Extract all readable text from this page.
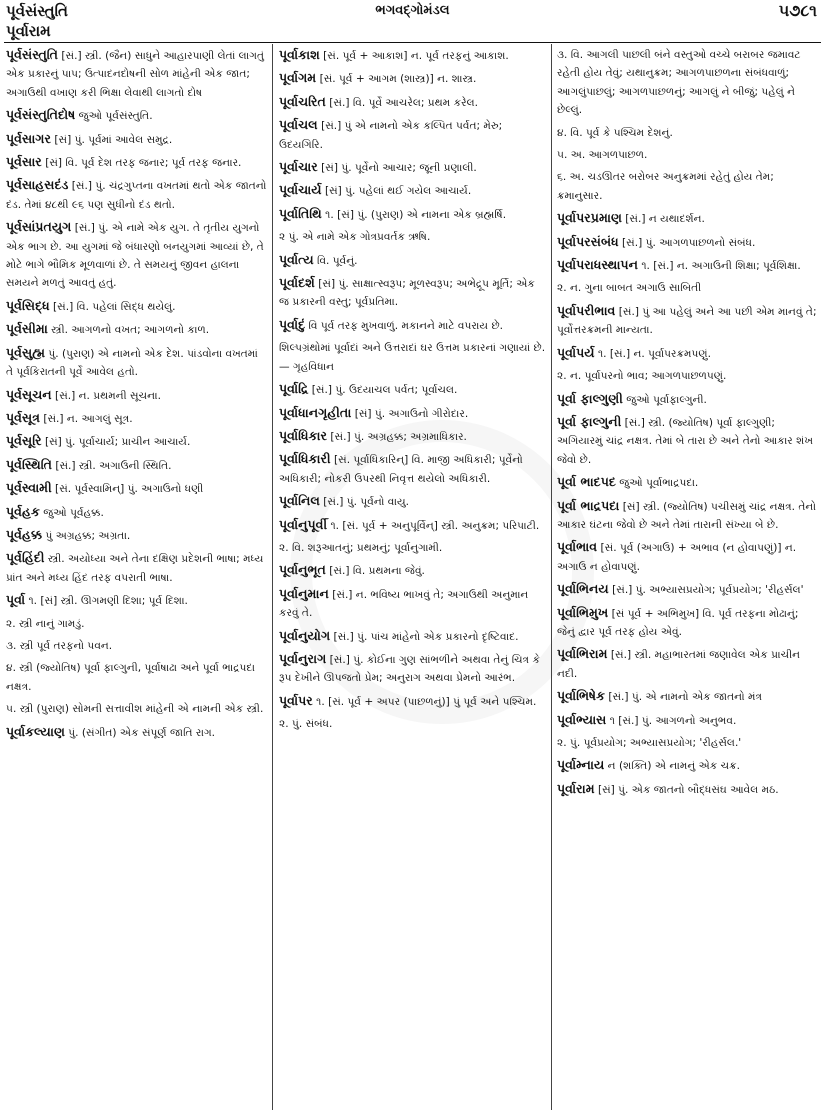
પૂર્વસંસ્તુતિ	ભગવદ્ગોમંડલ	૫૭૮૧
પૂર્વારામ

પૂર્વસંસ્તુતિ [સં.] સ્ત્રી. (જૈન) સાધુને આહારપાણી લેતાં લાગતું એક પ્રકારનું પાપ; ઉત્પાદનદોષની સોળ માંહેની એક જાત; અગાઉથી વખાણ કરી ભિક્ષા લેવાથી લાગતો દોષ

પૂર્વસંસ્તુતિદોષ જુઓ પૂર્વસંસ્તુતિ.

પૂર્વસાગર [સં] પું. પૂર્વમાં આવેલ સમુદ્ર.

પૂર્વસાર [સં] વિ. પૂર્વ દેશ તરફ જનાર; પૂર્વ તરફ જનાર.

પૂર્વસાહસદંડ [સં.] પું. ચંદ્રગુપ્તના વખતમાં થતો એક જાતનો દંડ. તેમાં ૪૮થી ૯૬ પણ સુધીનો દંડ થતો.

પૂર્વસાંપ્રતયુગ [સં.] પું. એ નામે એક યુગ. તે તૃતીય યુગનો એક ભાગ છે. આ યુગમાં જે બંધારણો બનયુગમાં આવ્યાં છે, તે મોટે ભાગે ભૌમિક મૂળવાળાં છે. તે સમયનું જીવન હાલના સમયને મળતું આવતું હતું.

પૂર્વસિદ્ધ [સં.] વિ. પહેલાં સિદ્ધ થયેલું.

પૂર્વસીમા સ્ત્રી. આગળનો વખત; આગળનો કાળ.

પૂર્વસુહ્મ પું. (પુરાણ) એ નામનો એક દેશ. પાંડવોના વખતમાં તે પૂર્વકિરાતની પૂર્વે આવેલ હતો.

પૂર્વસૂચન [સં.] ન. પ્રથમની સૂચના.

પૂર્વસૂત્ર [સં.] ન. આગલું સૂત્ર.

પૂર્વસૂરિ [સં] પું. પૂર્વાચાર્ય; પ્રાચીન આચાર્ય.

પૂર્વસ્થિતિ [સં.] સ્ત્રી. અગાઉની સ્થિતિ.

પૂર્વસ્વામી [સં. પૂર્વસ્વામિન્] પું. અગાઉનો ધણી

પૂર્વહક જુઓ પૂર્વહક્ક.

પૂર્વહક્ક પું અગ્રહક્ક; અગ્રતા.

પૂર્વહિંદી સ્ત્રી. અયોધ્યા અને તેના દક્ષિણ પ્રદેશની ભાષા; મધ્ય પ્રાંત અને મધ્ય હિંદ તરફ વપરાતી ભાષા.

પૂર્વા ૧. [સં] સ્ત્રી. ઊગમણી દિશા; પૂર્વ દિશા.

૨. સ્ત્રી નાનું ગામડું.

૩. સ્ત્રી પૂર્વ તરફનો પવન.

૪. સ્ત્રી (જ્યોતિષ) પૂર્વા ફાલ્ગુની, પૂર્વાષાઢા અને પૂર્વા ભાદ્રપદા નક્ષત્ર.

૫. સ્ત્રી (પુરાણ) સોમની સત્તાવીશ માંહેની એ નામની એક સ્ત્રી.

પૂર્વાકલ્યાણ પું. (સંગીત) એક સંપૂર્ણ જાતિ રાગ.

પૂર્વાકાશ [સં. પૂર્વ + આકાશ] ન. પૂર્વ તરફનું આકાશ.

પૂર્વાગમ [સં. પૂર્વ + આગમ (શાસ્ત્ર)] ન. શાસ્ત્ર.

પૂર્વાચરિત [સં.] વિ. પૂર્વે આચરેલ; પ્રથમ કરેલ.

પૂર્વાચલ [સં.] પું એ નામનો એક કલ્પિત પર્વત; મેરુ; ઉદયગિરિ.

પૂર્વાચાર [સં] પું. પૂર્વેનો આચાર; જૂની પ્રણાલી.

પૂર્વાચાર્ય [સં] પું. પહેલાં થઈ ગયેલ આચાર્ય.

પૂર્વાતિથિ ૧. [સં] પું. (પુરાણ) એ નામના એક બ્રહ્મર્ષિ.

૨ પું. એ નામે એક ગોત્રપ્રવર્તક ઋષિ.

પૂર્વાત્ય વિ. પૂર્વનું.

પૂર્વાદર્શ [સં] પું. સાક્ષાત્સ્વરૂપ; મૂળસ્વરૂપ; અભેદ્રૂપ મૂર્તિ; એક જ પ્રકારની વસ્તુ; પૂર્વપ્રતિમા.

પૂર્વાદું વિ પૂર્વ તરફ મુખવાળું. મકાનને માટે વપરાય છે.

શિલ્પગ્રંથોમાં પૂર્વાદાં અને ઉત્તરાદાં ઘર ઉત્તમ પ્રકારનાં ગણાયાં છે. — ગૃહવિધાન

પૂર્વાદ્રિ [સં.] પું. ઉદયાચલ પર્વત; પૂર્વાચલ.

પૂર્વાધાનગૃહીતા [સં] પું. અગાઉનો ગીરોદાર.

પૂર્વાધિકાર [સં.] પું. અગ્રહક્ક; અગ્રમાધિકાર.

પૂર્વાધિકારી [સં. પૂર્વાધિકારિન્] વિ. માજી અધિકારી; પૂર્વેનો અધિકારી; નોકરી ઉપરથી નિવૃત્ત થયેલો અધિકારી.

પૂર્વાનિલ [સં.] પું. પૂર્વનો વાયુ.

પૂર્વાનુપૂર્વી ૧. [સં. પૂર્વ + અનુપૂર્વિન્] સ્ત્રી. અનુક્રમ; પરિપાટી.

૨. વિ. શરૂઆતનું; પ્રથમનું; પૂર્વાનુગામી.

પૂર્વાનુભૂત [સં.] વિ. પ્રથમના જેવું.

પૂર્વાનુમાન [સં.] ન. ભવિષ્ય ભાખવું તે; અગાઉથી અનુમાન કરવું તે.

પૂર્વાનુયોગ [સં.] પું. પાંચ માંહેનો એક પ્રકારનો દૃષ્ટિવાદ.

પૂર્વાનુરાગ [સં.] પું. કોઈના ગુણ સાંભળીને અથવા તેનું ચિત્ર કે રૂપ દેખીને ઊપજતો પ્રેમ; અનુરાગ અથવા પ્રેમનો આરંભ.

પૂર્વાપર ૧. [સં. પૂર્વ + અપર (પાછળનું)] પું પૂર્વ અને પશ્ચિમ.

૨. પું. સંબંધ.

૩. વિ. આગલી પાછલી બંને વસ્તુઓ વચ્ચે બરાબર જમાવટ રહેતી હોય તેવું; યથાનુક્રમ; આગળપાછળના સંબંધવાળું; આગલુંપાછલું; આગળપાછળનું; આગલું ને બીજું; પહેલું ને છેલ્લું.

૪. વિ. પૂર્વ કે પશ્ચિમ દેશનું.

૫. અ. આગળપાછળ.

૬. અ. ચડઊતર બરોબર અનુક્રમમાં રહેતું હોય તેમ; ક્રમાનુસાર.

પૂર્વાપરપ્રમાણ [સં.] ન યથાદર્શન.

પૂર્વાપરસંબંધ [સં.] પું. આગળપાછળનો સંબંધ.

પૂર્વાપરાધસ્થાપન ૧. [સં.] ન. અગાઉની શિક્ષા; પૂર્વશિક્ષા.

૨. ન. ગુના બાબત અગાઉ સાબિતી

પૂર્વાપરીભાવ [સં.] પું આ પહેલું અને આ પછી એમ માનવું તે; પૂર્વોત્તરક્રમની માન્યતા.

પૂર્વાપર્ય ૧. [સં.] ન. પૂર્વાપરક્રમપણું.

૨. ન. પૂર્વાપરનો ભાવ; આગળપાછળપણું.

પૂર્વા ફાલ્ગુણી જુઓ પૂર્વાફાલ્ગુની.

પૂર્વા ફાલ્ગુની [સં.] સ્ત્રી. (જ્યોતિષ) પૂર્વા ફાલ્ગુણી; અગિયારમું ચાંદ્ર નક્ષત્ર. તેમાં બે તારા છે અને તેનો આકાર શંખ જેવો છે.

પૂર્વા ભાદપદ જુઓ પૂર્વાભાદ્રપદા.

પૂર્વા ભાદ્રપદા [સં] સ્ત્રી. (જ્યોતિષ) પચીસમું ચાંદ્ર નક્ષત્ર. તેનો આકાર ઘંટના જેવો છે અને તેમાં તારાની સંખ્યા બે છે.

પૂર્વાભાવ [સં. પૂર્વ (અગાઉ) + અભાવ (ન હોવાપણું)] ન. અગાઉ ન હોવાપણું.

પૂર્વાભિનય [સં.] પું. અભ્યાસપ્રયોગ; પૂર્વપ્રયોગ; 'રીહર્સલ'

પૂર્વાભિમુખ [સં પૂર્વ + અભિમુખ] વિ. પૂર્વ તરફના મોઢાનું; જેનું દ્વાર પૂર્વ તરફ હોય એવું.

પૂર્વાભિરામ [સં.] સ્ત્રી. મહાભારતમાં જણાવેલ એક પ્રાચીન નદી.

પૂર્વાભિષેક [સં.] પું. એ નામનો એક જાતનો મંત્ર

પૂર્વાભ્યાસ ૧ [સં.] પું. આગળનો અનુભવ.

૨. પું. પૂર્વપ્રયોગ; અભ્યાસપ્રયોગ; 'રીહર્સલ.'

પૂર્વામ્નાય ન (શક્તિ) એ નામનું એક ચક્ર.

પૂર્વારામ [સં] પું. એક જાતનો બૌદ્ધસંઘ આવેલ મઠ.
